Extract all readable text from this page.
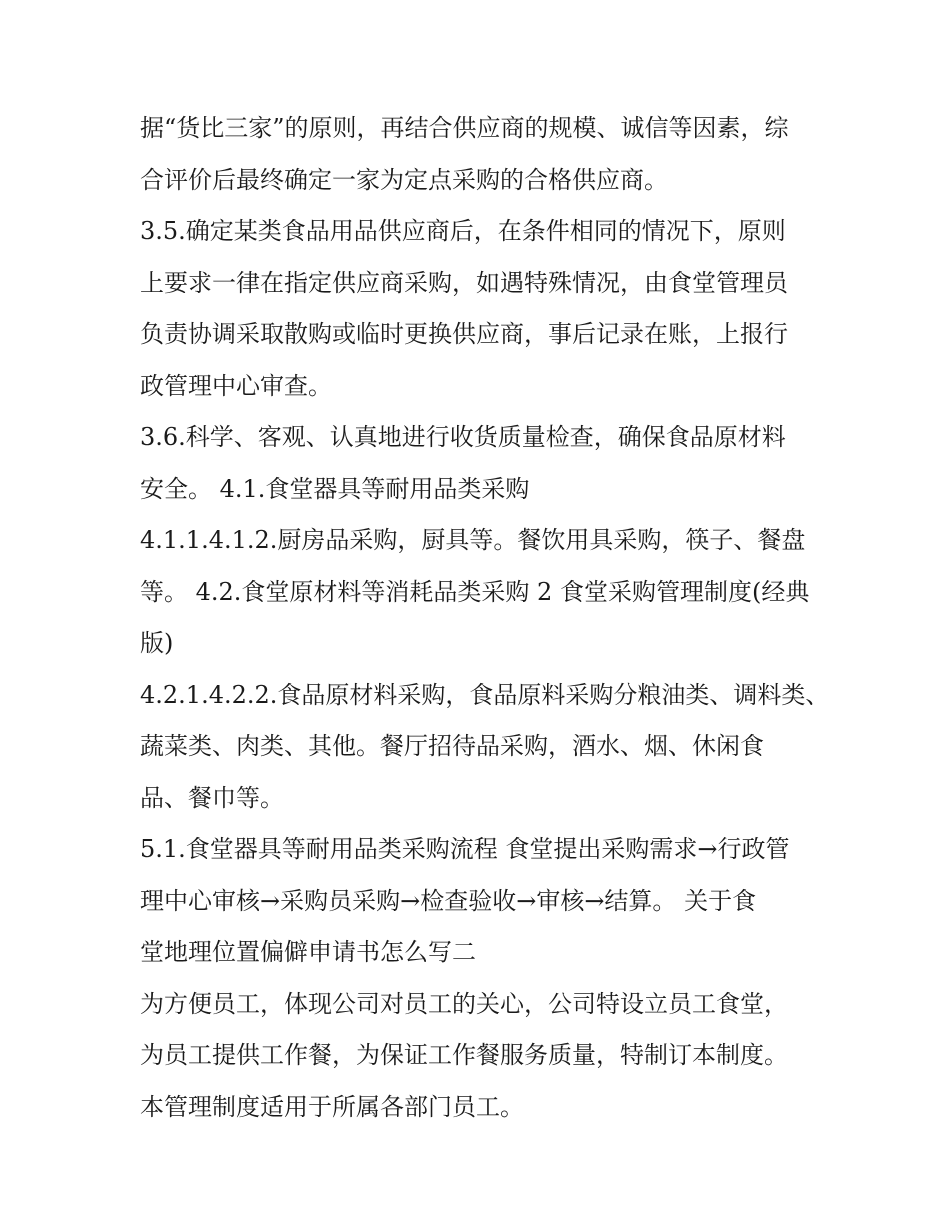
据“货比三家”的原则，再结合供应商的规模、诚信等因素，综
合评价后最终确定一家为定点采购的合格供应商。
3.5.确定某类食品用品供应商后，在条件相同的情况下，原则
上要求一律在指定供应商采购，如遇特殊情况，由食堂管理员
负责协调采取散购或临时更换供应商，事后记录在账，上报行
政管理中心审查。
3.6.科学、客观、认真地进行收货质量检查，确保食品原材料
安全。 4.1.食堂器具等耐用品类采购
4.1.1.4.1.2.厨房品采购，厨具等。餐饮用具采购，筷子、餐盘
等。 4.2.食堂原材料等消耗品类采购 2 食堂采购管理制度(经典
版)
4.2.1.4.2.2.食品原材料采购，食品原料采购分粮油类、调料类、
蔬菜类、肉类、其他。餐厅招待品采购，酒水、烟、休闲食
品、餐巾等。
5.1.食堂器具等耐用品类采购流程 食堂提出采购需求→行政管
理中心审核→采购员采购→检查验收→审核→结算。 关于食
堂地理位置偏僻申请书怎么写二
为方便员工，体现公司对员工的关心，公司特设立员工食堂，
为员工提供工作餐，为保证工作餐服务质量，特制订本制度。
本管理制度适用于所属各部门员工。
